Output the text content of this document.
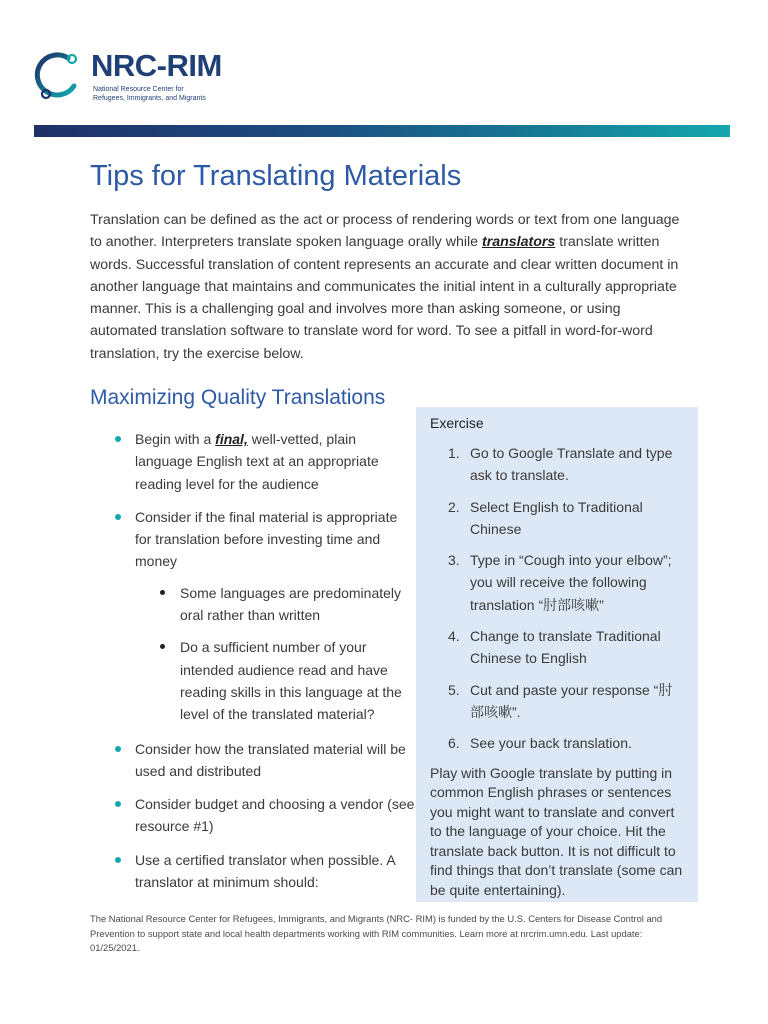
NRC-RIM
National Resource Center for
Refugees, Immigrants, and Migrants
Tips for Translating Materials

Translation can be defined as the act or process of rendering words or text from one language to another. Interpreters translate spoken language orally while translators translate written words. Successful translation of content represents an accurate and clear written document in another language that maintains and communicates the initial intent in a culturally appropriate manner. This is a challenging goal and involves more than asking someone, or using automated translation software to translate word for word. To see a pitfall in word-for-word translation, try the exercise below.

Maximizing Quality Translations
Begin with a final, well-vetted, plain language English text at an appropriate reading level for the audience
Consider if the final material is appropriate for translation before investing time and money
Some languages are predominately oral rather than written
Do a sufficient number of your intended audience read and have reading skills in this language at the level of the translated material?
Consider how the translated material will be used and distributed
Consider budget and choosing a vendor (see resource #1)
Use a certified translator when possible. A translator at minimum should:
Exercise
1. Go to Google Translate and type ask to translate.
2. Select English to Traditional Chinese
3. Type in “Cough into your elbow”; you will receive the following translation “肘部咳嗽”
4. Change to translate Traditional Chinese to English
5. Cut and paste your response “肘部咳嗽”.
6. See your back translation.
Play with Google translate by putting in common English phrases or sentences you might want to translate and convert to the language of your choice. Hit the translate back button. It is not difficult to find things that don’t translate (some can be quite entertaining).
The National Resource Center for Refugees, Immigrants, and Migrants (NRC- RIM) is funded by the U.S. Centers for Disease Control and Prevention to support state and local health departments working with RIM communities. Learn more at nrcrim.umn.edu. Last update: 01/25/2021.
